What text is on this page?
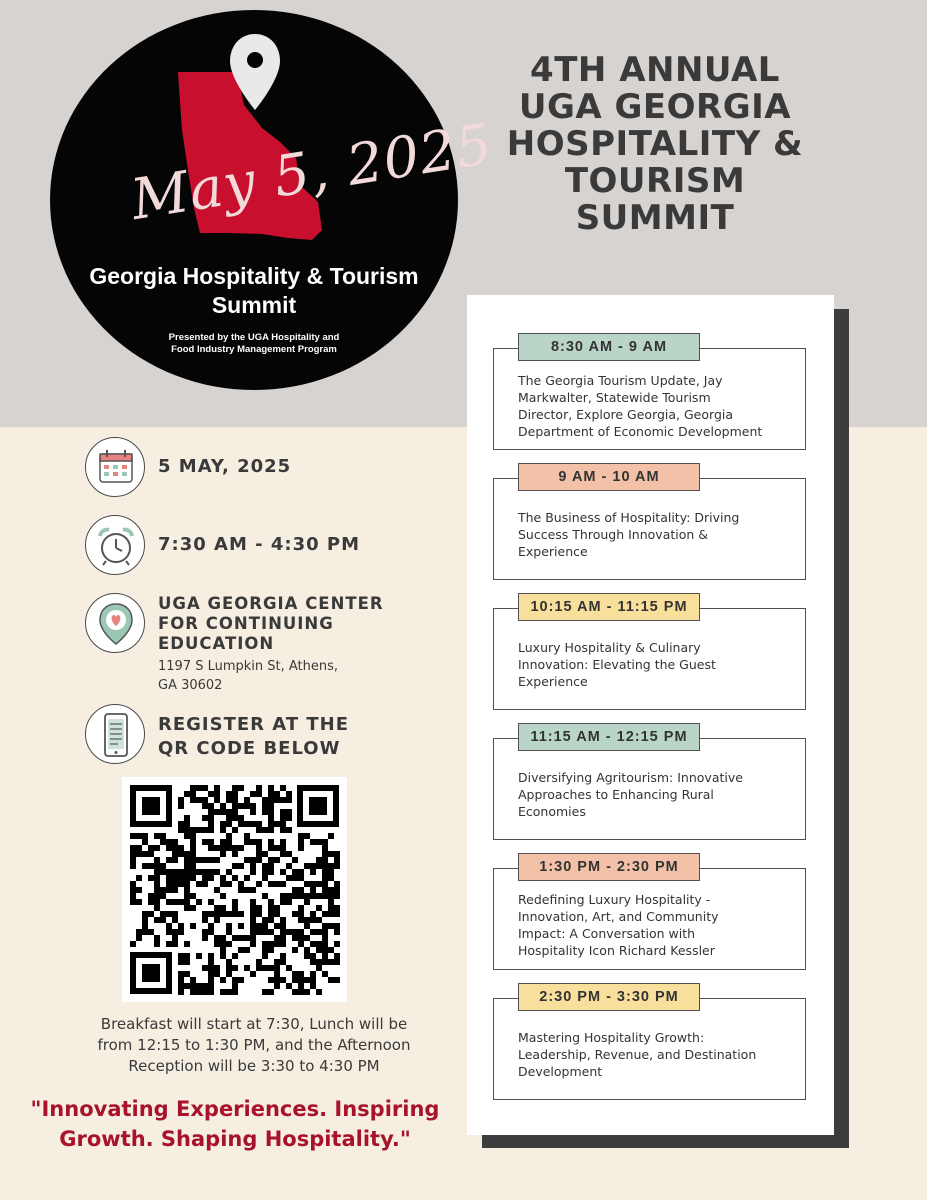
May 5, 2025
Georgia Hospitality & Tourism
Summit
Presented by the UGA Hospitality and
Food Industry Management Program
4TH ANNUAL
UGA GEORGIA
HOSPITALITY &
TOURISM
SUMMIT
5 MAY, 2025
7:30 AM - 4:30 PM
UGA GEORGIA CENTER
FOR CONTINUING
EDUCATION
1197 S Lumpkin St, Athens,
GA 30602
REGISTER AT THE
QR CODE BELOW
Breakfast will start at 7:30, Lunch will be
from 12:15 to 1:30 PM, and the Afternoon
Reception will be 3:30 to 4:30 PM
"Innovating Experiences. Inspiring
Growth. Shaping Hospitality."
8:30 AM - 9 AM
The Georgia Tourism Update, Jay
Markwalter, Statewide Tourism
Director, Explore Georgia, Georgia
Department of Economic Development
9 AM - 10 AM
The Business of Hospitality: Driving
Success Through Innovation &
Experience
10:15 AM - 11:15 PM
Luxury Hospitality & Culinary
Innovation: Elevating the Guest
Experience
11:15 AM - 12:15 PM
Diversifying Agritourism: Innovative
Approaches to Enhancing Rural
Economies
1:30 PM - 2:30 PM
Redefining Luxury Hospitality -
Innovation, Art, and Community
Impact: A Conversation with
Hospitality Icon Richard Kessler
2:30 PM - 3:30 PM
Mastering Hospitality Growth:
Leadership, Revenue, and Destination
Development
